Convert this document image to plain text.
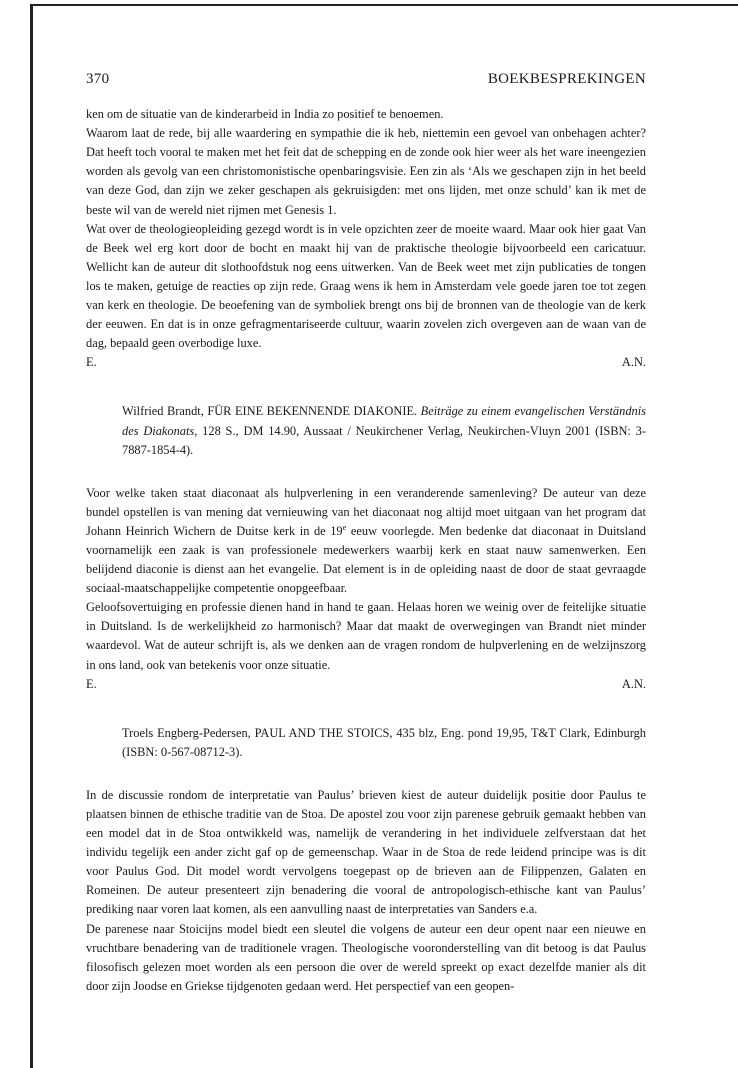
370	BOEKBESPREKINGEN

ken om de situatie van de kinderarbeid in India zo positief te benoemen.

Waarom laat de rede, bij alle waardering en sympathie die ik heb, niettemin een gevoel van onbehagen achter? Dat heeft toch vooral te maken met het feit dat de schepping en de zonde ook hier weer als het ware ineengezien worden als gevolg van een christomonistische openbaringsvisie. Een zin als ‘Als we geschapen zijn in het beeld van deze God, dan zijn we zeker geschapen als gekruisigden: met ons lijden, met onze schuld’ kan ik met de beste wil van de wereld niet rijmen met Genesis 1.

Wat over de theologieopleiding gezegd wordt is in vele opzichten zeer de moeite waard. Maar ook hier gaat Van de Beek wel erg kort door de bocht en maakt hij van de praktische theologie bijvoorbeeld een caricatuur. Wellicht kan de auteur dit slothoofdstuk nog eens uitwerken. Van de Beek weet met zijn publicaties de tongen los te maken, getuige de reacties op zijn rede. Graag wens ik hem in Amsterdam vele goede jaren toe tot zegen van kerk en theologie. De beoefening van de symboliek brengt ons bij de bronnen van de theologie van de kerk der eeuwen. En dat is in onze gefragmentariseerde cultuur, waarin zovelen zich overgeven aan de waan van de dag, bepaald geen overbodige luxe.

E.	A.N.

Wilfried Brandt, FÜR EINE BEKENNENDE DIAKONIE. Beiträge zu einem evangelischen Verständnis des Diakonats, 128 S., DM 14.90, Aussaat / Neukirchener Verlag, Neukirchen-Vluyn 2001 (ISBN: 3-7887-1854-4).

Voor welke taken staat diaconaat als hulpverlening in een veranderende samenleving? De auteur van deze bundel opstellen is van mening dat vernieuwing van het diaconaat nog altijd moet uitgaan van het program dat Johann Heinrich Wichern de Duitse kerk in de 19e eeuw voorlegde. Men bedenke dat diaconaat in Duitsland voornamelijk een zaak is van professionele medewerkers waarbij kerk en staat nauw samenwerken. Een belijdend diaconie is dienst aan het evangelie. Dat element is in de opleiding naast de door de staat gevraagde sociaal-maatschappelijke competentie onopgeefbaar.

Geloofsovertuiging en professie dienen hand in hand te gaan. Helaas horen we weinig over de feitelijke situatie in Duitsland. Is de werkelijkheid zo harmonisch? Maar dat maakt de overwegingen van Brandt niet minder waardevol. Wat de auteur schrijft is, als we denken aan de vragen rondom de hulpverlening en de welzijnszorg in ons land, ook van betekenis voor onze situatie.

E.	A.N.

Troels Engberg-Pedersen, PAUL AND THE STOICS, 435 blz, Eng. pond 19,95, T&T Clark, Edinburgh (ISBN: 0-567-08712-3).

In de discussie rondom de interpretatie van Paulus’ brieven kiest de auteur duidelijk positie door Paulus te plaatsen binnen de ethische traditie van de Stoa. De apostel zou voor zijn parenese gebruik gemaakt hebben van een model dat in de Stoa ontwikkeld was, namelijk de verandering in het individuele zelfverstaan dat het individu tegelijk een ander zicht gaf op de gemeenschap. Waar in de Stoa de rede leidend principe was is dit voor Paulus God. Dit model wordt vervolgens toegepast op de brieven aan de Filippenzen, Galaten en Romeinen. De auteur presenteert zijn benadering die vooral de antropologisch-ethische kant van Paulus’ prediking naar voren laat komen, als een aanvulling naast de interpretaties van Sanders e.a.

De parenese naar Stoicijns model biedt een sleutel die volgens de auteur een deur opent naar een nieuwe en vruchtbare benadering van de traditionele vragen. Theologische vooronderstelling van dit betoog is dat Paulus filosofisch gelezen moet worden als een persoon die over de wereld spreekt op exact dezelfde manier als dit door zijn Joodse en Griekse tijdgenoten gedaan werd. Het perspectief van een geopen-
